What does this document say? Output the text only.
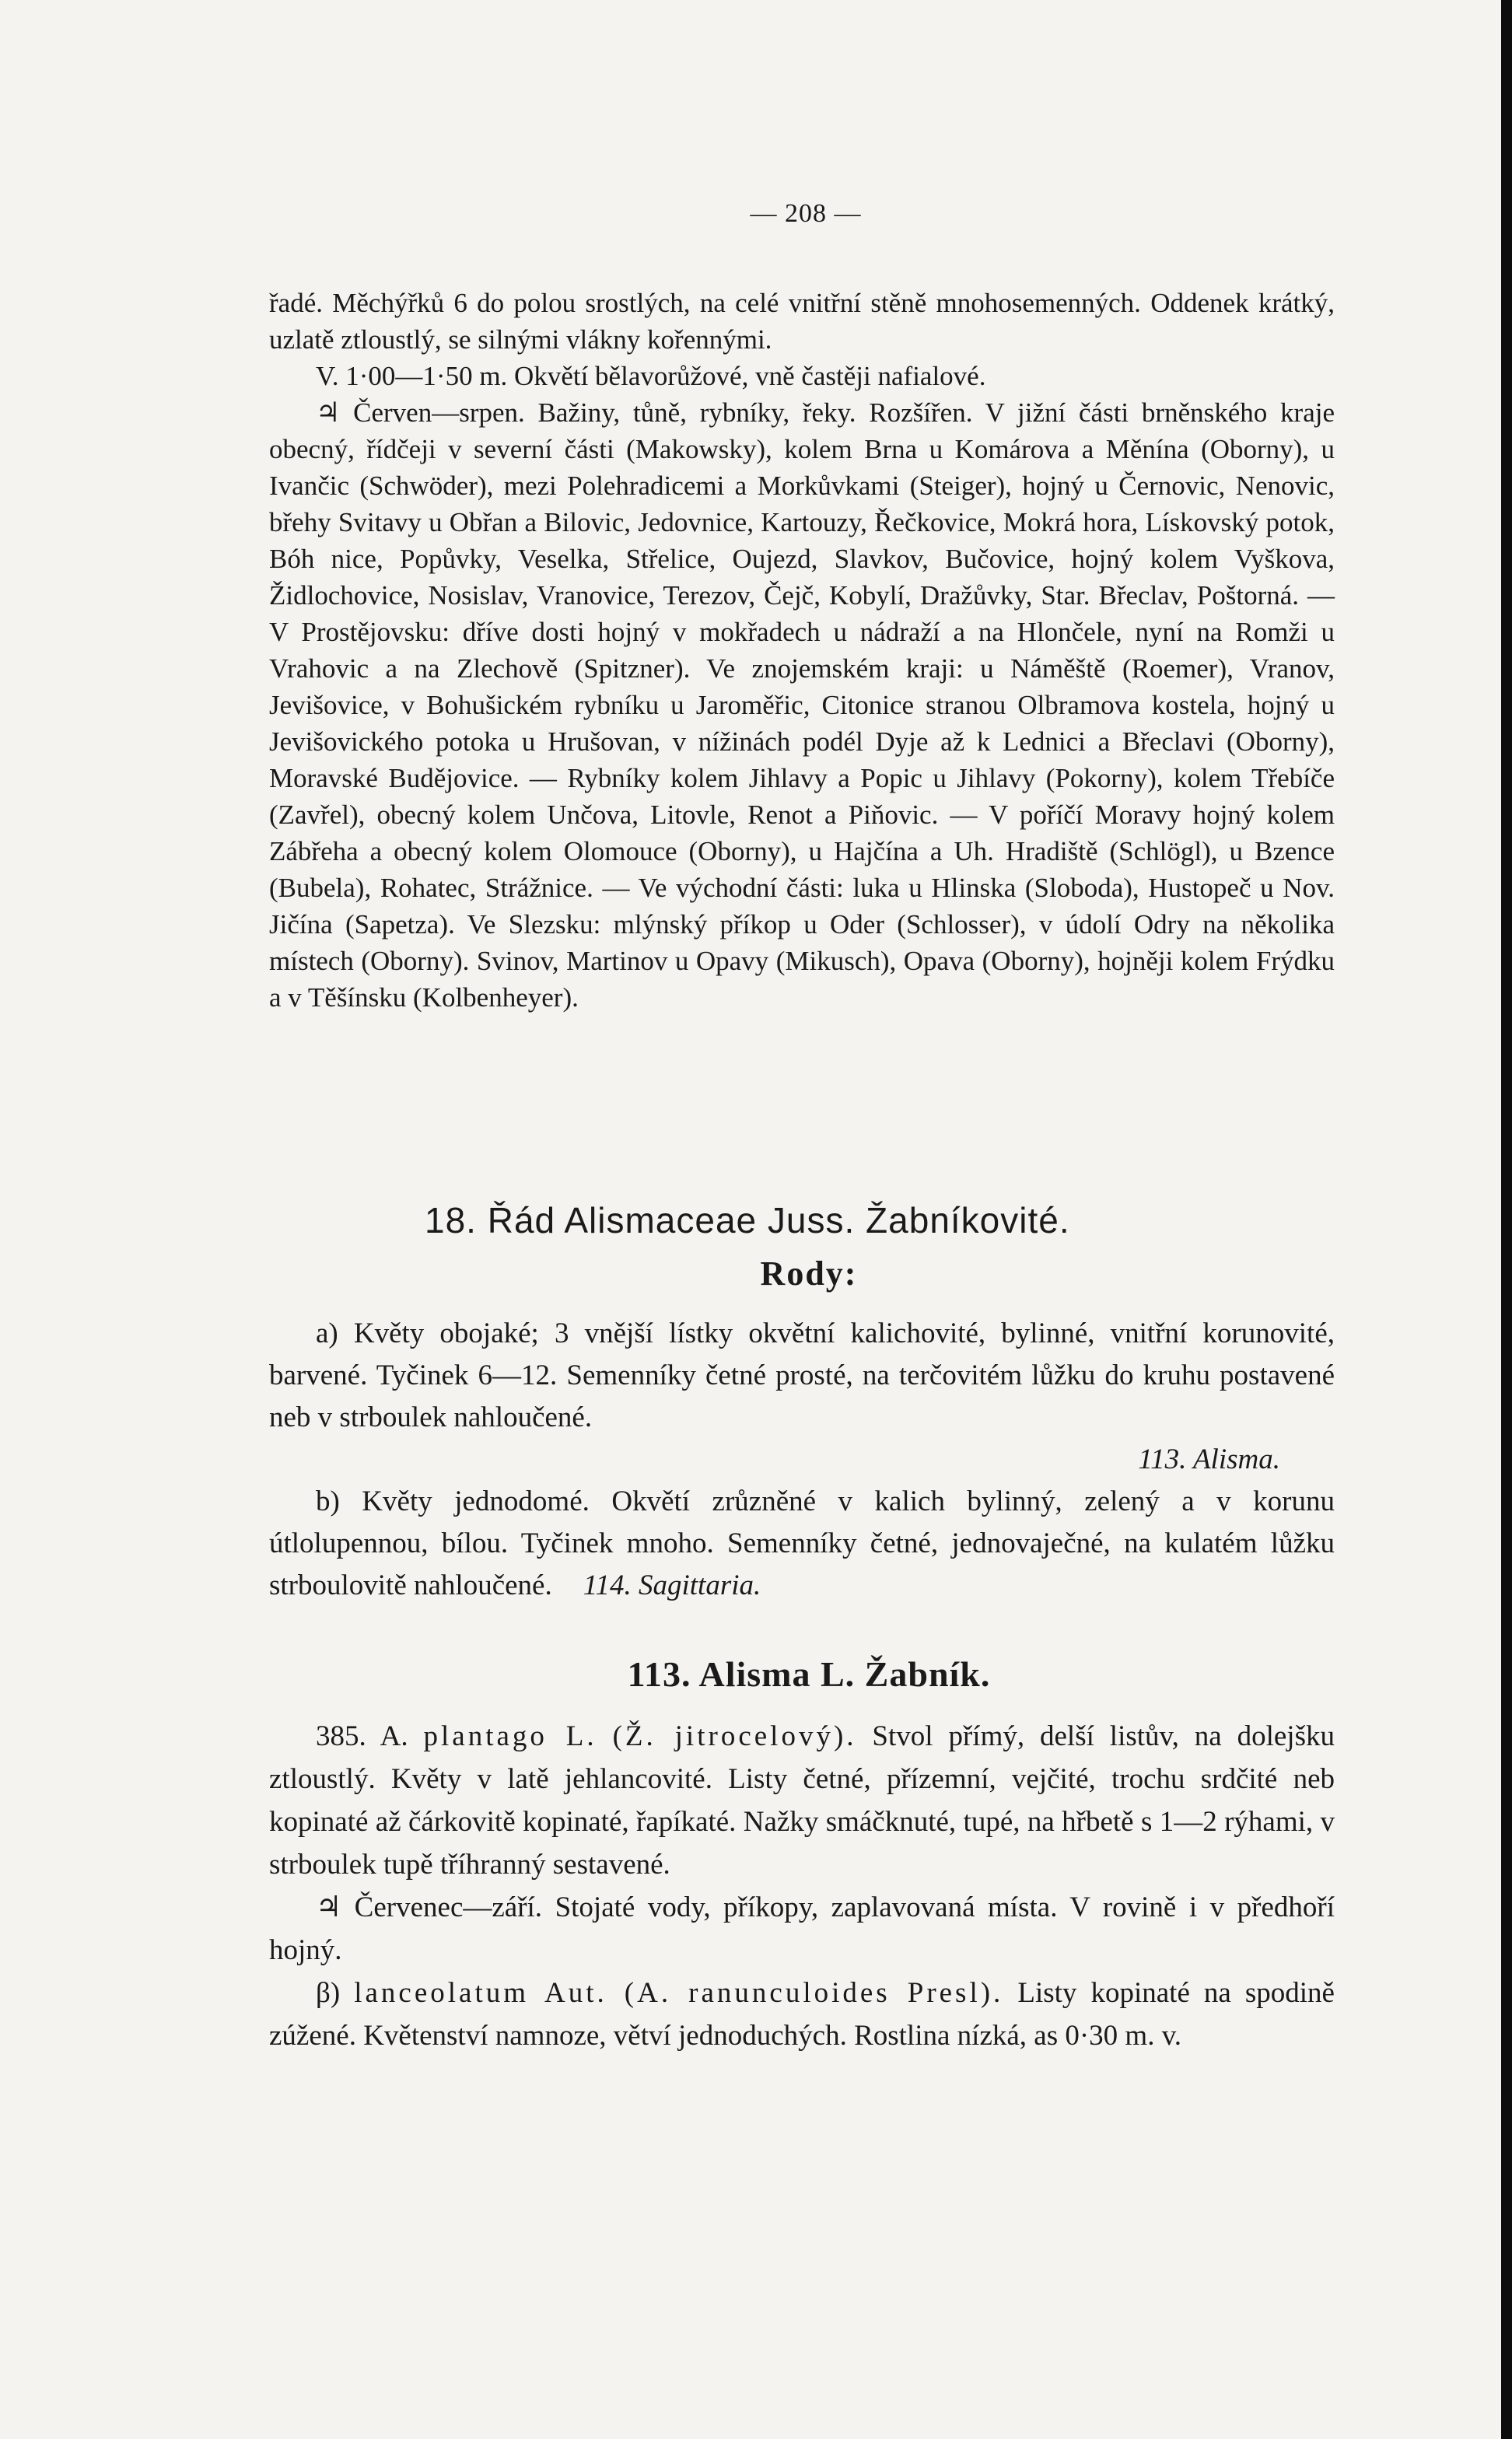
— 208 —

řadé. Měchýřků 6 do polou srostlých, na celé vnitřní stěně mnohosemenných. Oddenek krátký, uzlatě ztloustlý, se silnými vlákny kořennými.

V. 1·00—1·50 m. Okvětí bělavorůžové, vně častěji nafialové.

♃ Červen—srpen. Bažiny, tůně, rybníky, řeky. Rozšířen. V jižní části brněnského kraje obecný, řídčeji v severní části (Makowsky), kolem Brna u Komárova a Měnína (Oborny), u Ivančic (Schwöder), mezi Polehradicemi a Morkůvkami (Steiger), hojný u Černovic, Nenovic, břehy Svitavy u Obřan a Bilovic, Jedovnice, Kartouzy, Řečkovice, Mokrá hora, Lískovský potok, Bóh nice, Popůvky, Veselka, Střelice, Oujezd, Slavkov, Bučovice, hojný kolem Vyškova, Židlochovice, Nosislav, Vranovice, Terezov, Čejč, Kobylí, Dražůvky, Star. Břeclav, Poštorná. — V Prostějovsku: dříve dosti hojný v mokřadech u nádraží a na Hlončele, nyní na Romži u Vrahovic a na Zlechově (Spitzner). Ve znojemském kraji: u Náměště (Roemer), Vranov, Jevišovice, v Bohušickém rybníku u Jaroměřic, Citonice stranou Olbramova kostela, hojný u Jevišovického potoka u Hrušovan, v nížinách podél Dyje až k Lednici a Břeclavi (Oborny), Moravské Budějovice. — Rybníky kolem Jihlavy a Popic u Jihlavy (Pokorny), kolem Třebíče (Zavřel), obecný kolem Unčova, Litovle, Renot a Piňovic. — V poříčí Moravy hojný kolem Zábřeha a obecný kolem Olomouce (Oborny), u Hajčína a Uh. Hradiště (Schlögl), u Bzence (Bubela), Rohatec, Strážnice. — Ve východní části: luka u Hlinska (Sloboda), Hustopeč u Nov. Jičína (Sapetza). Ve Slezsku: mlýnský příkop u Oder (Schlosser), v údolí Odry na několika místech (Oborny). Svinov, Martinov u Opavy (Mikusch), Opava (Oborny), hojněji kolem Frýdku a v Těšínsku (Kolbenheyer).

18. Řád Alismaceae Juss. Žabníkovité.
Rody:

a) Květy obojaké; 3 vnější lístky okvětní kalichovité, bylinné, vnitřní korunovité, barvené. Tyčinek 6—12. Semenníky četné prosté, na terčovitém lůžku do kruhu postavené neb v strboulek nahloučené.

113. Alisma.

b) Květy jednodomé. Okvětí zrůzněné v kalich bylinný, zelený a v korunu útlolupennou, bílou. Tyčinek mnoho. Semenníky četné, jednovaječné, na kulatém lůžku strboulovitě nahloučené. 114. Sagittaria.

113. Alisma L. Žabník.

385. A. plantago L. (Ž. jitrocelový). Stvol přímý, delší listův, na dolejšku ztloustlý. Květy v latě jehlancovité. Listy četné, přízemní, vejčité, trochu srdčité neb kopinaté až čárkovitě kopinaté, řapíkaté. Nažky smáčknuté, tupé, na hřbetě s 1—2 rýhami, v strboulek tupě tříhranný sestavené.

♃ Červenec—září. Stojaté vody, příkopy, zaplavovaná místa. V rovině i v předhoří hojný.

β) lanceolatum Aut. (A. ranunculoides Presl). Listy kopinaté na spodině zúžené. Květenství namnoze, větví jednoduchých. Rostlina nízká, as 0·30 m. v.
